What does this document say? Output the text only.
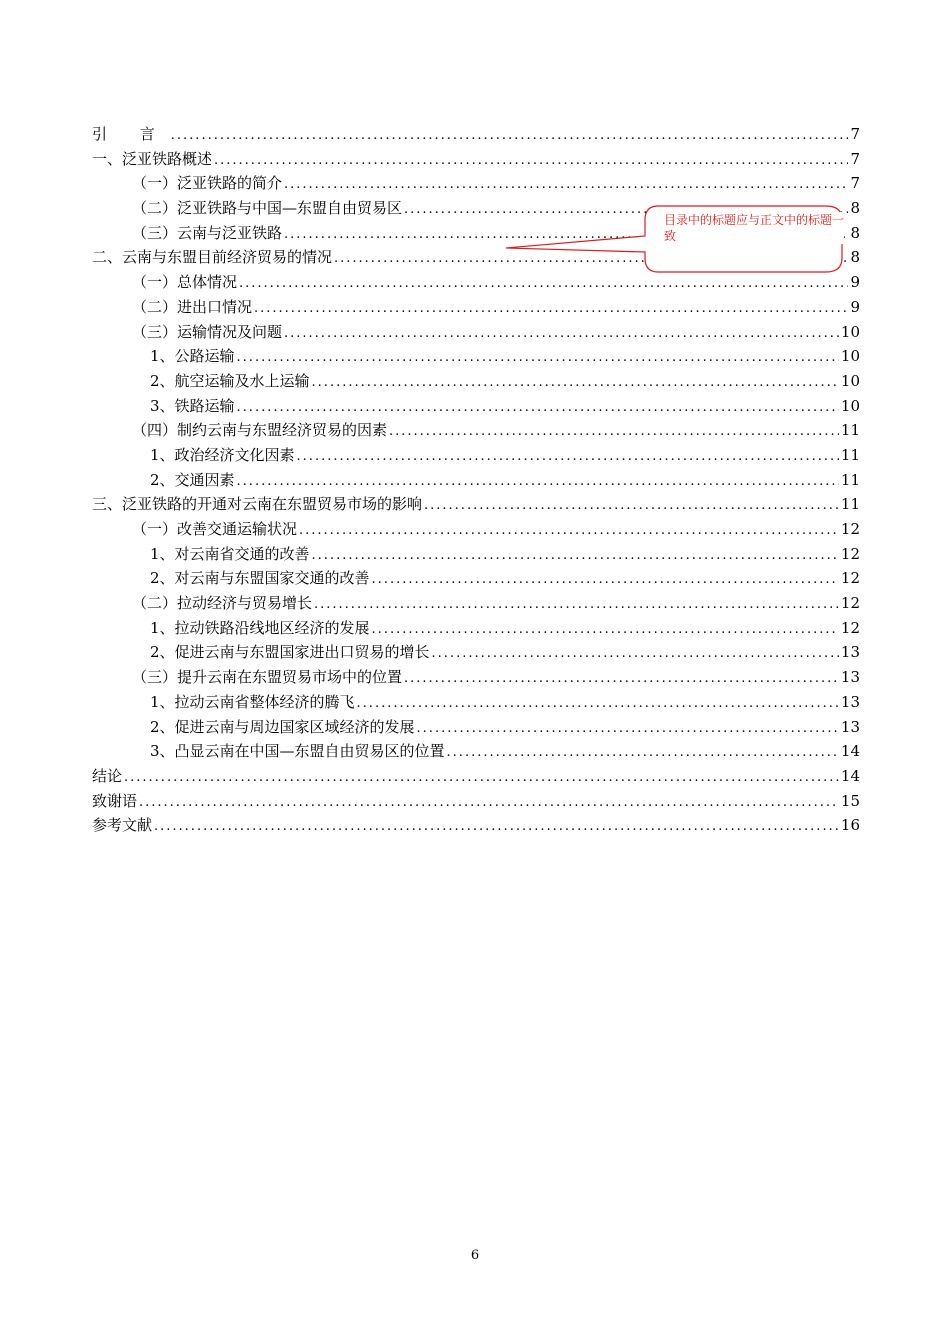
引 言 .....	7
一、泛亚铁路概述 .....	7
（一）泛亚铁路的简介 .....	7
（二）泛亚铁路与中国—东盟自由贸易区 .....	8
（三）云南与泛亚铁路 .....	8
二、云南与东盟目前经济贸易的情况 .....	8
（一）总体情况 .....	9
（二）进出口情况 .....	9
（三）运输情况及问题 .....	10
1、公路运输 .....	10
2、航空运输及水上运输 .....	10
3、铁路运输 .....	10
（四）制约云南与东盟经济贸易的因素 .....	11
1、政治经济文化因素 .....	11
2、交通因素 .....	11
三、泛亚铁路的开通对云南在东盟贸易市场的影响 .....	11
（一）改善交通运输状况 .....	12
1、对云南省交通的改善 .....	12
2、对云南与东盟国家交通的改善 .....	12
（二）拉动经济与贸易增长 .....	12
1、拉动铁路沿线地区经济的发展 .....	12
2、促进云南与东盟国家进出口贸易的增长 .....	13
（三）提升云南在东盟贸易市场中的位置 .....	13
1、拉动云南省整体经济的腾飞 .....	13
2、促进云南与周边国家区域经济的发展 .....	13
3、凸显云南在中国—东盟自由贸易区的位置 .....	14
结论 .....	14
致谢语 .....	15
参考文献 .....	16
目录中的标题应与正文中的标题一致
6
